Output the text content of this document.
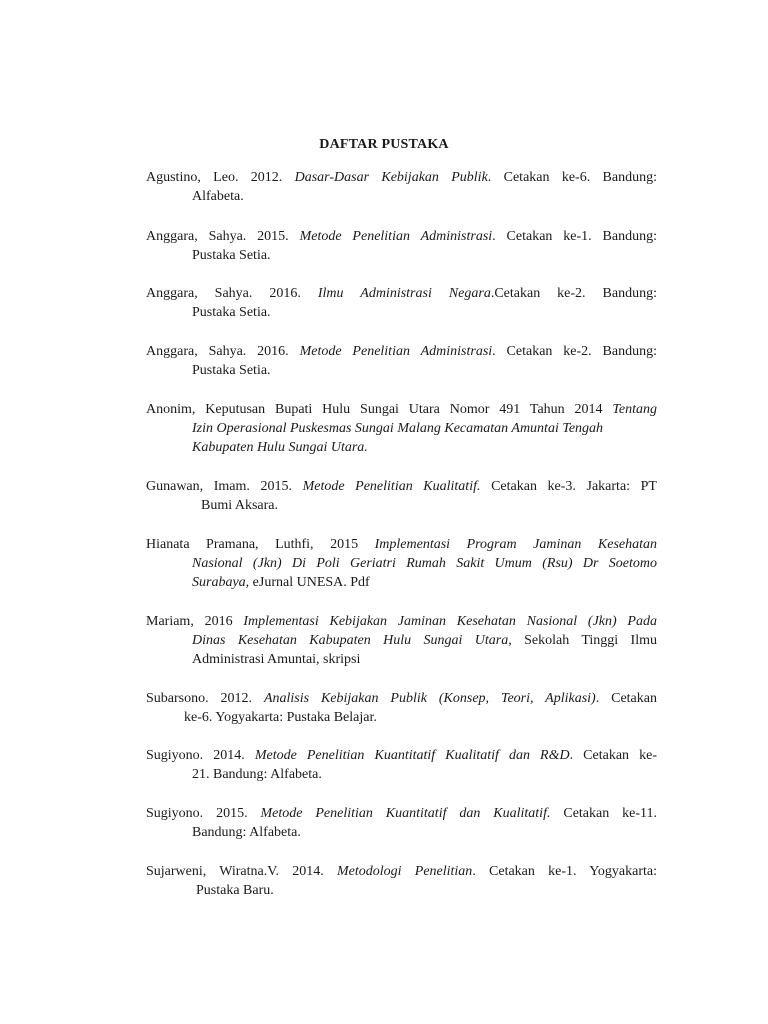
DAFTAR PUSTAKA
Agustino, Leo. 2012. Dasar-Dasar Kebijakan Publik. Cetakan ke-6. Bandung:
Alfabeta.
Anggara, Sahya. 2015. Metode Penelitian Administrasi. Cetakan ke-1. Bandung:
Pustaka Setia.
Anggara, Sahya. 2016. Ilmu Administrasi Negara.Cetakan ke-2. Bandung:
Pustaka Setia.
Anggara, Sahya. 2016. Metode Penelitian Administrasi. Cetakan ke-2. Bandung:
Pustaka Setia.
Anonim, Keputusan Bupati Hulu Sungai Utara Nomor 491 Tahun 2014 Tentang
Izin Operasional Puskesmas Sungai Malang Kecamatan Amuntai Tengah
Kabupaten Hulu Sungai Utara.
Gunawan, Imam. 2015. Metode Penelitian Kualitatif. Cetakan ke-3. Jakarta: PT
Bumi Aksara.
Hianata Pramana, Luthfi, 2015 Implementasi Program Jaminan Kesehatan
Nasional (Jkn) Di Poli Geriatri Rumah Sakit Umum (Rsu) Dr Soetomo
Surabaya, eJurnal UNESA. Pdf
Mariam, 2016 Implementasi Kebijakan Jaminan Kesehatan Nasional (Jkn) Pada
Dinas Kesehatan Kabupaten Hulu Sungai Utara, Sekolah Tinggi Ilmu
Administrasi Amuntai, skripsi
Subarsono. 2012. Analisis Kebijakan Publik (Konsep, Teori, Aplikasi). Cetakan
ke-6. Yogyakarta: Pustaka Belajar.
Sugiyono. 2014. Metode Penelitian Kuantitatif Kualitatif dan R&D. Cetakan ke-
21. Bandung: Alfabeta.
Sugiyono. 2015. Metode Penelitian Kuantitatif dan Kualitatif. Cetakan ke-11.
Bandung: Alfabeta.
Sujarweni, Wiratna.V. 2014. Metodologi Penelitian. Cetakan ke-1. Yogyakarta:
Pustaka Baru.
